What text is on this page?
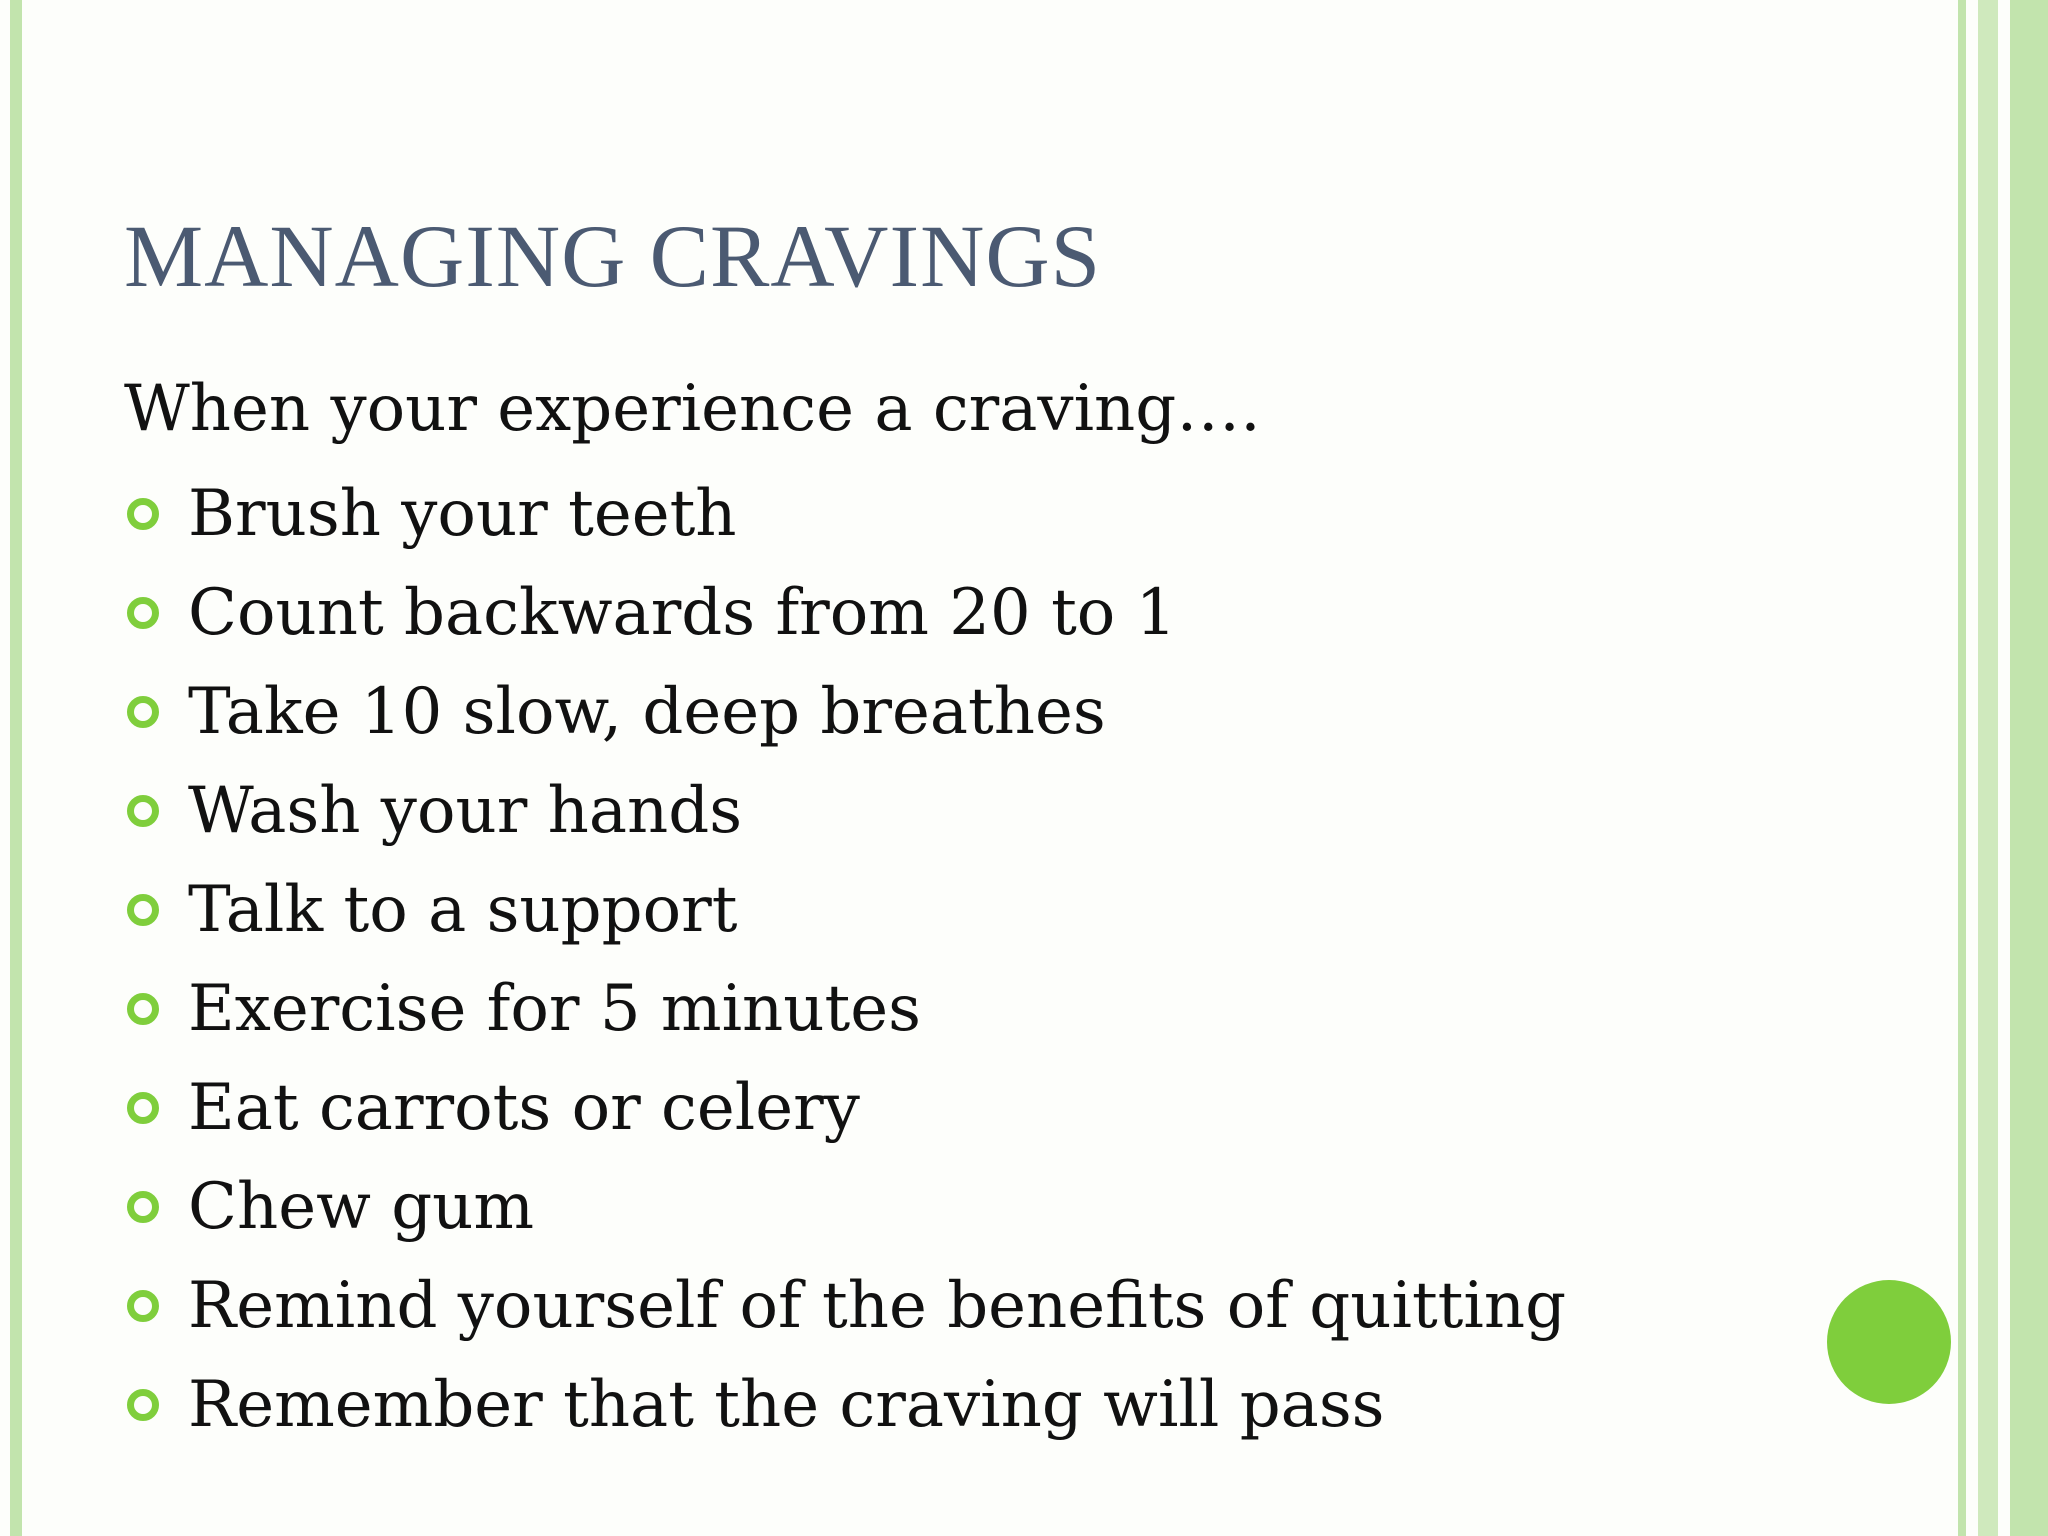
MANAGING CRAVINGS

When your experience a craving….

Brush your teeth
Count backwards from 20 to 1
Take 10 slow, deep breathes
Wash your hands
Talk to a support
Exercise for 5 minutes
Eat carrots or celery
Chew gum
Remind yourself of the benefits of quitting
Remember that the craving will pass
